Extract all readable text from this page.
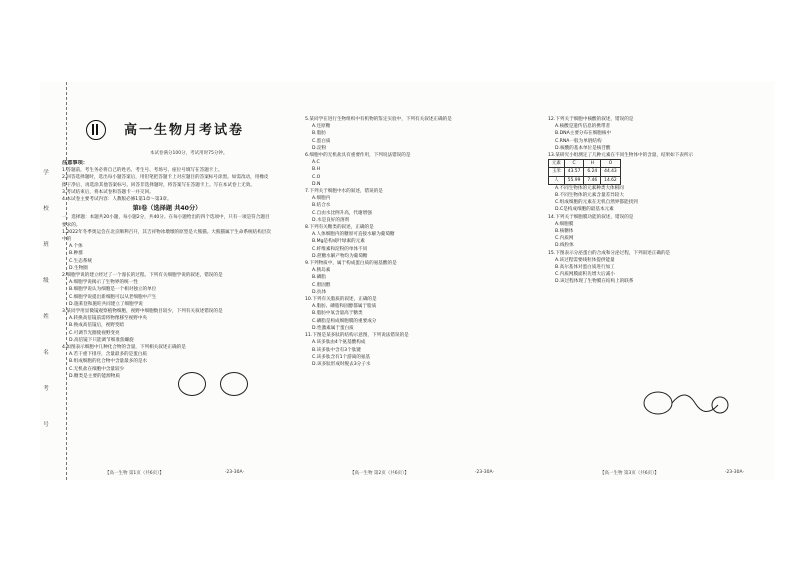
学
校
班
级
姓
名
考
号
高一生物月考试卷
本试卷满分100分，考试用时75分钟。
注意事项：
1.答题前，考生务必将自己的姓名、考生号、考场号、座位号填写在答题卡上。
2.回答选择题时，选出每小题答案后，用铅笔把答题卡上对应题目的答案标号涂黑。如需改动，用橡皮擦干净后，再选涂其他答案标号。回答非选择题时，将答案写在答题卡上。写在本试卷上无效。
3.考试结束后，将本试卷和答题卡一并交回。
4.本试卷主要考试内容：人教版必修1第1章～第3章。
第Ⅰ卷（选择题 共40分）
一、选择题：本题共20小题，每小题2分，共40分。在每小题给出的四个选项中，只有一项是符合题目要求的。
1.2022年冬季奥运会在北京顺利召开，其吉祥物冰墩墩的原型是大熊猫。大熊猫属于生命系统结构层次中的
A.个体
B.种群
C.生态系统
D.生物圈
2.细胞学说的建立经过了一个漫长的过程。下列有关细胞学说的叙述，错误的是
A.细胞学说揭示了生物界的统一性
B.细胞学说认为细胞是一个相对独立的单位
C.细胞学说提出新细胞可以从老细胞中产生
D.施莱登和施旺共同建立了细胞学说
3.某同学用显微镜观察植物细胞，视野中细胞数目较少，下列有关叙述错误的是
A.转换高倍镜前需将物像移至视野中央
B.换成高倍镜后，视野变暗
C.可调节光圈使视野变亮
D.高倍镜下只能调节细准焦螺旋
4.如图表示细胞中几种化合物的含量，下列相关叙述正确的是
A.若干重下排序，含量最多的是蛋白质
B.组成细胞的化合物中含量最多的是水
C.无机盐在细胞中含量较少
D.糖类是主要的能源物质
5.某同学在进行生物组织中有机物的鉴定实验中，下列有关叙述正确的是
A.还原糖
B.脂肪
C.蛋白质
D.淀粉
6.细胞中的无机盐具有重要作用，下列说法错误的是
A.C
B.H
C.O
D.N
7.下列关于细胞中水的叙述，错误的是
A.细胞内
B.结合水
C.自由水比例升高，代谢增强
D.水是良好的溶剂
8.下列有关糖类的叙述，正确的是
A.人体细胞内的糖原可直接水解为葡萄糖
B.Mg是构成叶绿素的元素
C.纤维素和淀粉的单体不同
D.蔗糖水解产物均为葡萄糖
9.下列物质中，属于构成蛋白质的氨基酸的是
A.胰岛素
B.磷脂
C.胆固醇
D.抗体
10.下列有关脂质的叙述，正确的是
A.脂肪、磷脂和固醇都属于脂质
B.脂肪中氧含量高于糖类
C.磷脂是构成细胞膜的重要成分
D.性激素属于蛋白质
11.下图是某多肽的结构示意图，下列说法错误的是
A.该多肽由4个氨基酸构成
B.该多肽中含有3个肽键
C.该多肽含有1个游离的氨基
D.该多肽形成时脱去3分子水
12.下列关于细胞中核酸的叙述，错误的是
A.核酸是遗传信息的携带者
B.DNA主要分布在细胞核中
C.RNA一般为单链结构
D.核酸的基本单位是核苷酸
13.某研究小组测定了几种元素在不同生物体中的含量，结果如下表所示
元素	C	H	O
玉米	43.57	6.24	44.43
人	55.99	7.46	14.62
A.不同生物体的元素种类大体相同
B.不同生物体的元素含量差异较大
C.组成细胞的元素在无机自然界都能找到
D.C是构成细胞的最基本元素
14.下列关于细胞膜功能的叙述，错误的是
A.细胞膜
B.核糖体
C.内质网
D.线粒体
15.下图表示分泌蛋白的合成和分泌过程，下列叙述正确的是
A.该过程需要线粒体提供能量
B.高尔基体对蛋白质进行加工
C.内质网膜面积先增大后减小
D.该过程体现了生物膜在结构上的联系
【高一生物 第1页（共6页）】	·23-30A·	【高一生物 第2页（共6页）】	·23-30A·	【高一生物 第3页（共6页）】	·23-30A·
